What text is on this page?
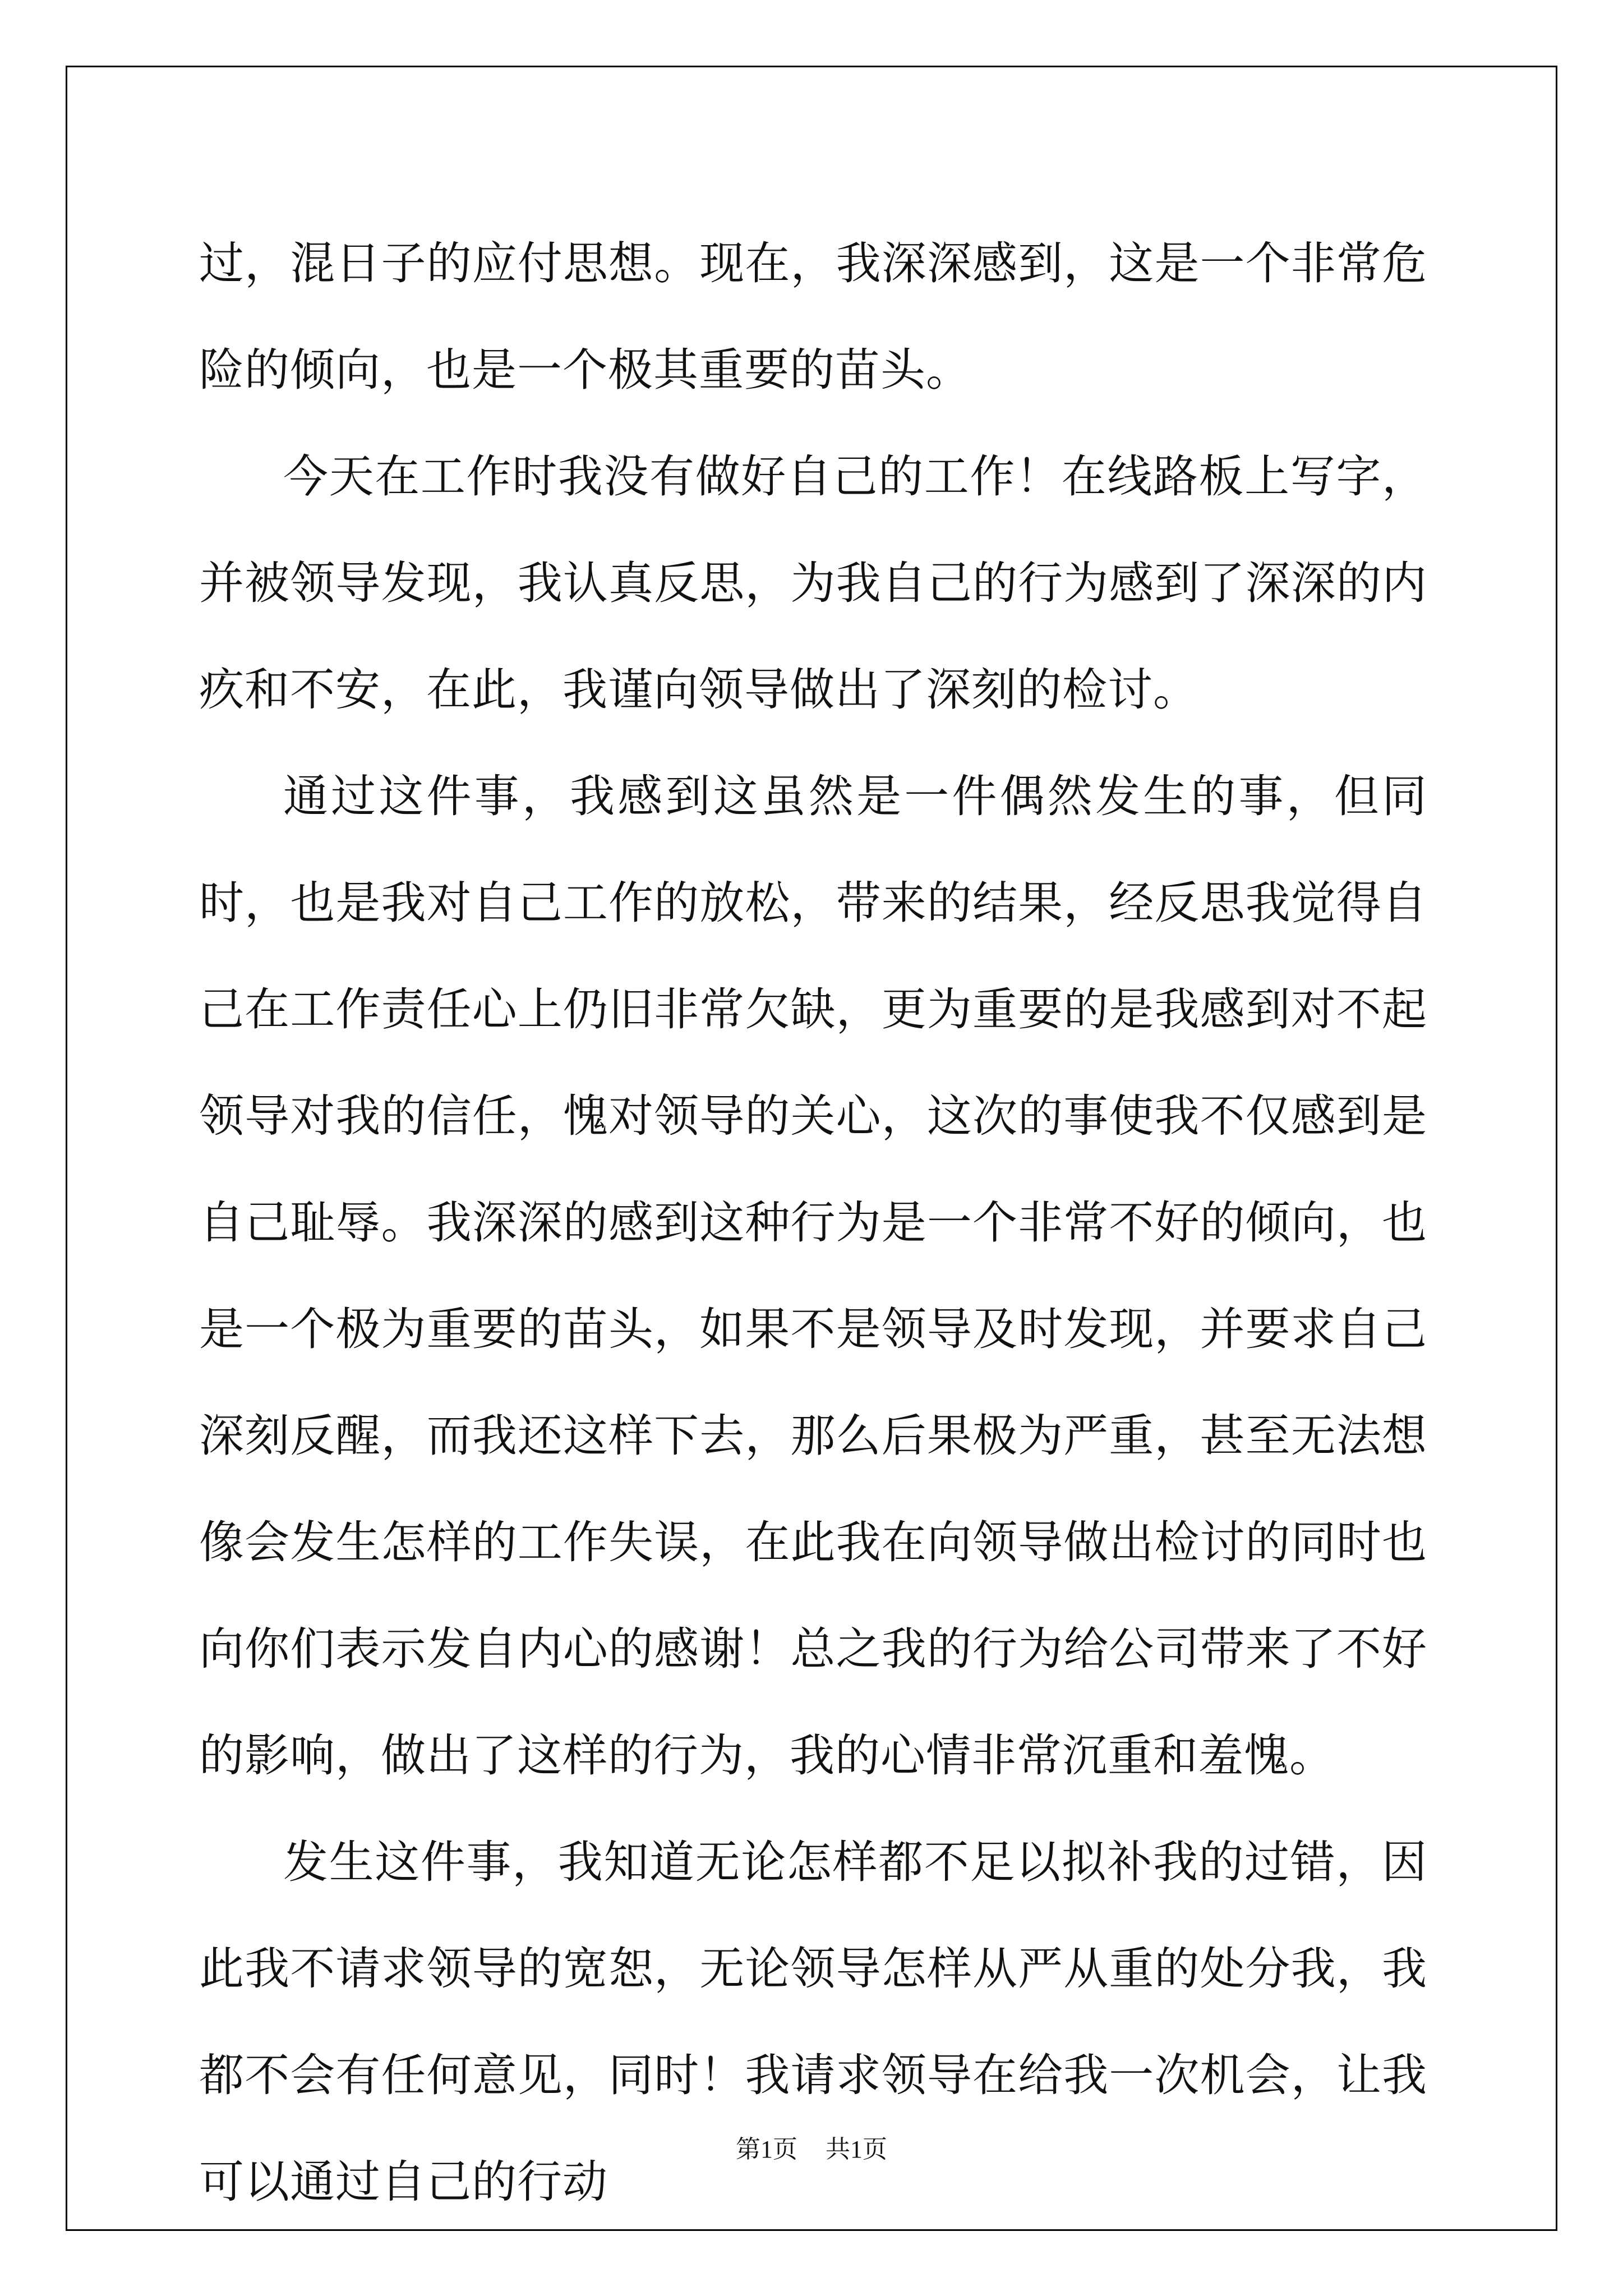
过，混日子的应付思想。现在，我深深感到，这是一个非常危险的倾向，也是一个极其重要的苗头。

今天在工作时我没有做好自己的工作！在线路板上写字，并被领导发现，我认真反思，为我自己的行为感到了深深的内疚和不安，在此，我谨向领导做出了深刻的检讨。

通过这件事，我感到这虽然是一件偶然发生的事，但同时，也是我对自己工作的放松，带来的结果，经反思我觉得自己在工作责任心上仍旧非常欠缺，更为重要的是我感到对不起领导对我的信任，愧对领导的关心，这次的事使我不仅感到是自己耻辱。我深深的感到这种行为是一个非常不好的倾向，也是一个极为重要的苗头，如果不是领导及时发现，并要求自己深刻反醒，而我还这样下去，那么后果极为严重，甚至无法想像会发生怎样的工作失误，在此我在向领导做出检讨的同时也向你们表示发自内心的感谢！总之我的行为给公司带来了不好的影响，做出了这样的行为，我的心情非常沉重和羞愧。

发生这件事，我知道无论怎样都不足以拟补我的过错，因此我不请求领导的宽恕，无论领导怎样从严从重的处分我，我都不会有任何意见，同时！我请求领导在给我一次机会，让我可以通过自己的行动

第1页 共1页
